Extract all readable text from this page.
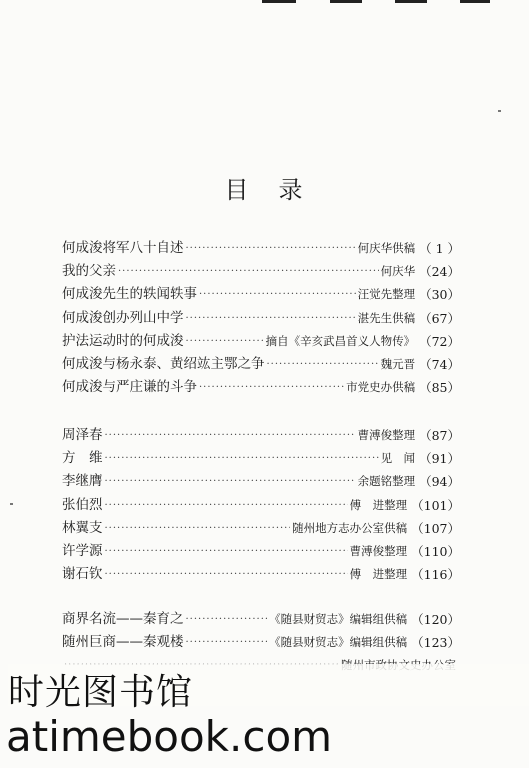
目 录
何成浚将军八十自述 ·····	何庆华供稿 （ 1 ）
我的父亲 ·····	何庆华 （24）
何成浚先生的轶闻轶事 ·····	汪觉先整理 （30）
何成浚创办列山中学 ·····	湛先生供稿 （67）
护法运动时的何成浚 ·····	摘自《辛亥武昌首义人物传》 （72）
何成浚与杨永泰、黄绍竑主鄂之争 ·····	魏元晋 （74）
何成浚与严庄谦的斗争 ·····	市党史办供稿 （85）
周泽春 ·····	曹溥俊整理 （87）
方　维 ·····	见　闻 （91）
李继膺 ·····	余题铭整理 （94）
张伯烈 ·····	傅　进整理 （101）
林翼支 ·····	随州地方志办公室供稿 （107）
许学源 ·····	曹溥俊整理 （110）
谢石钦 ·····	傅　进整理 （116）
商界名流——秦育之 ·····	《随县财贸志》编辑组供稿 （120）
随州巨商——秦观楼 ·····	《随县财贸志》编辑组供稿 （123）
·····
时光图书馆
atimebook.com
